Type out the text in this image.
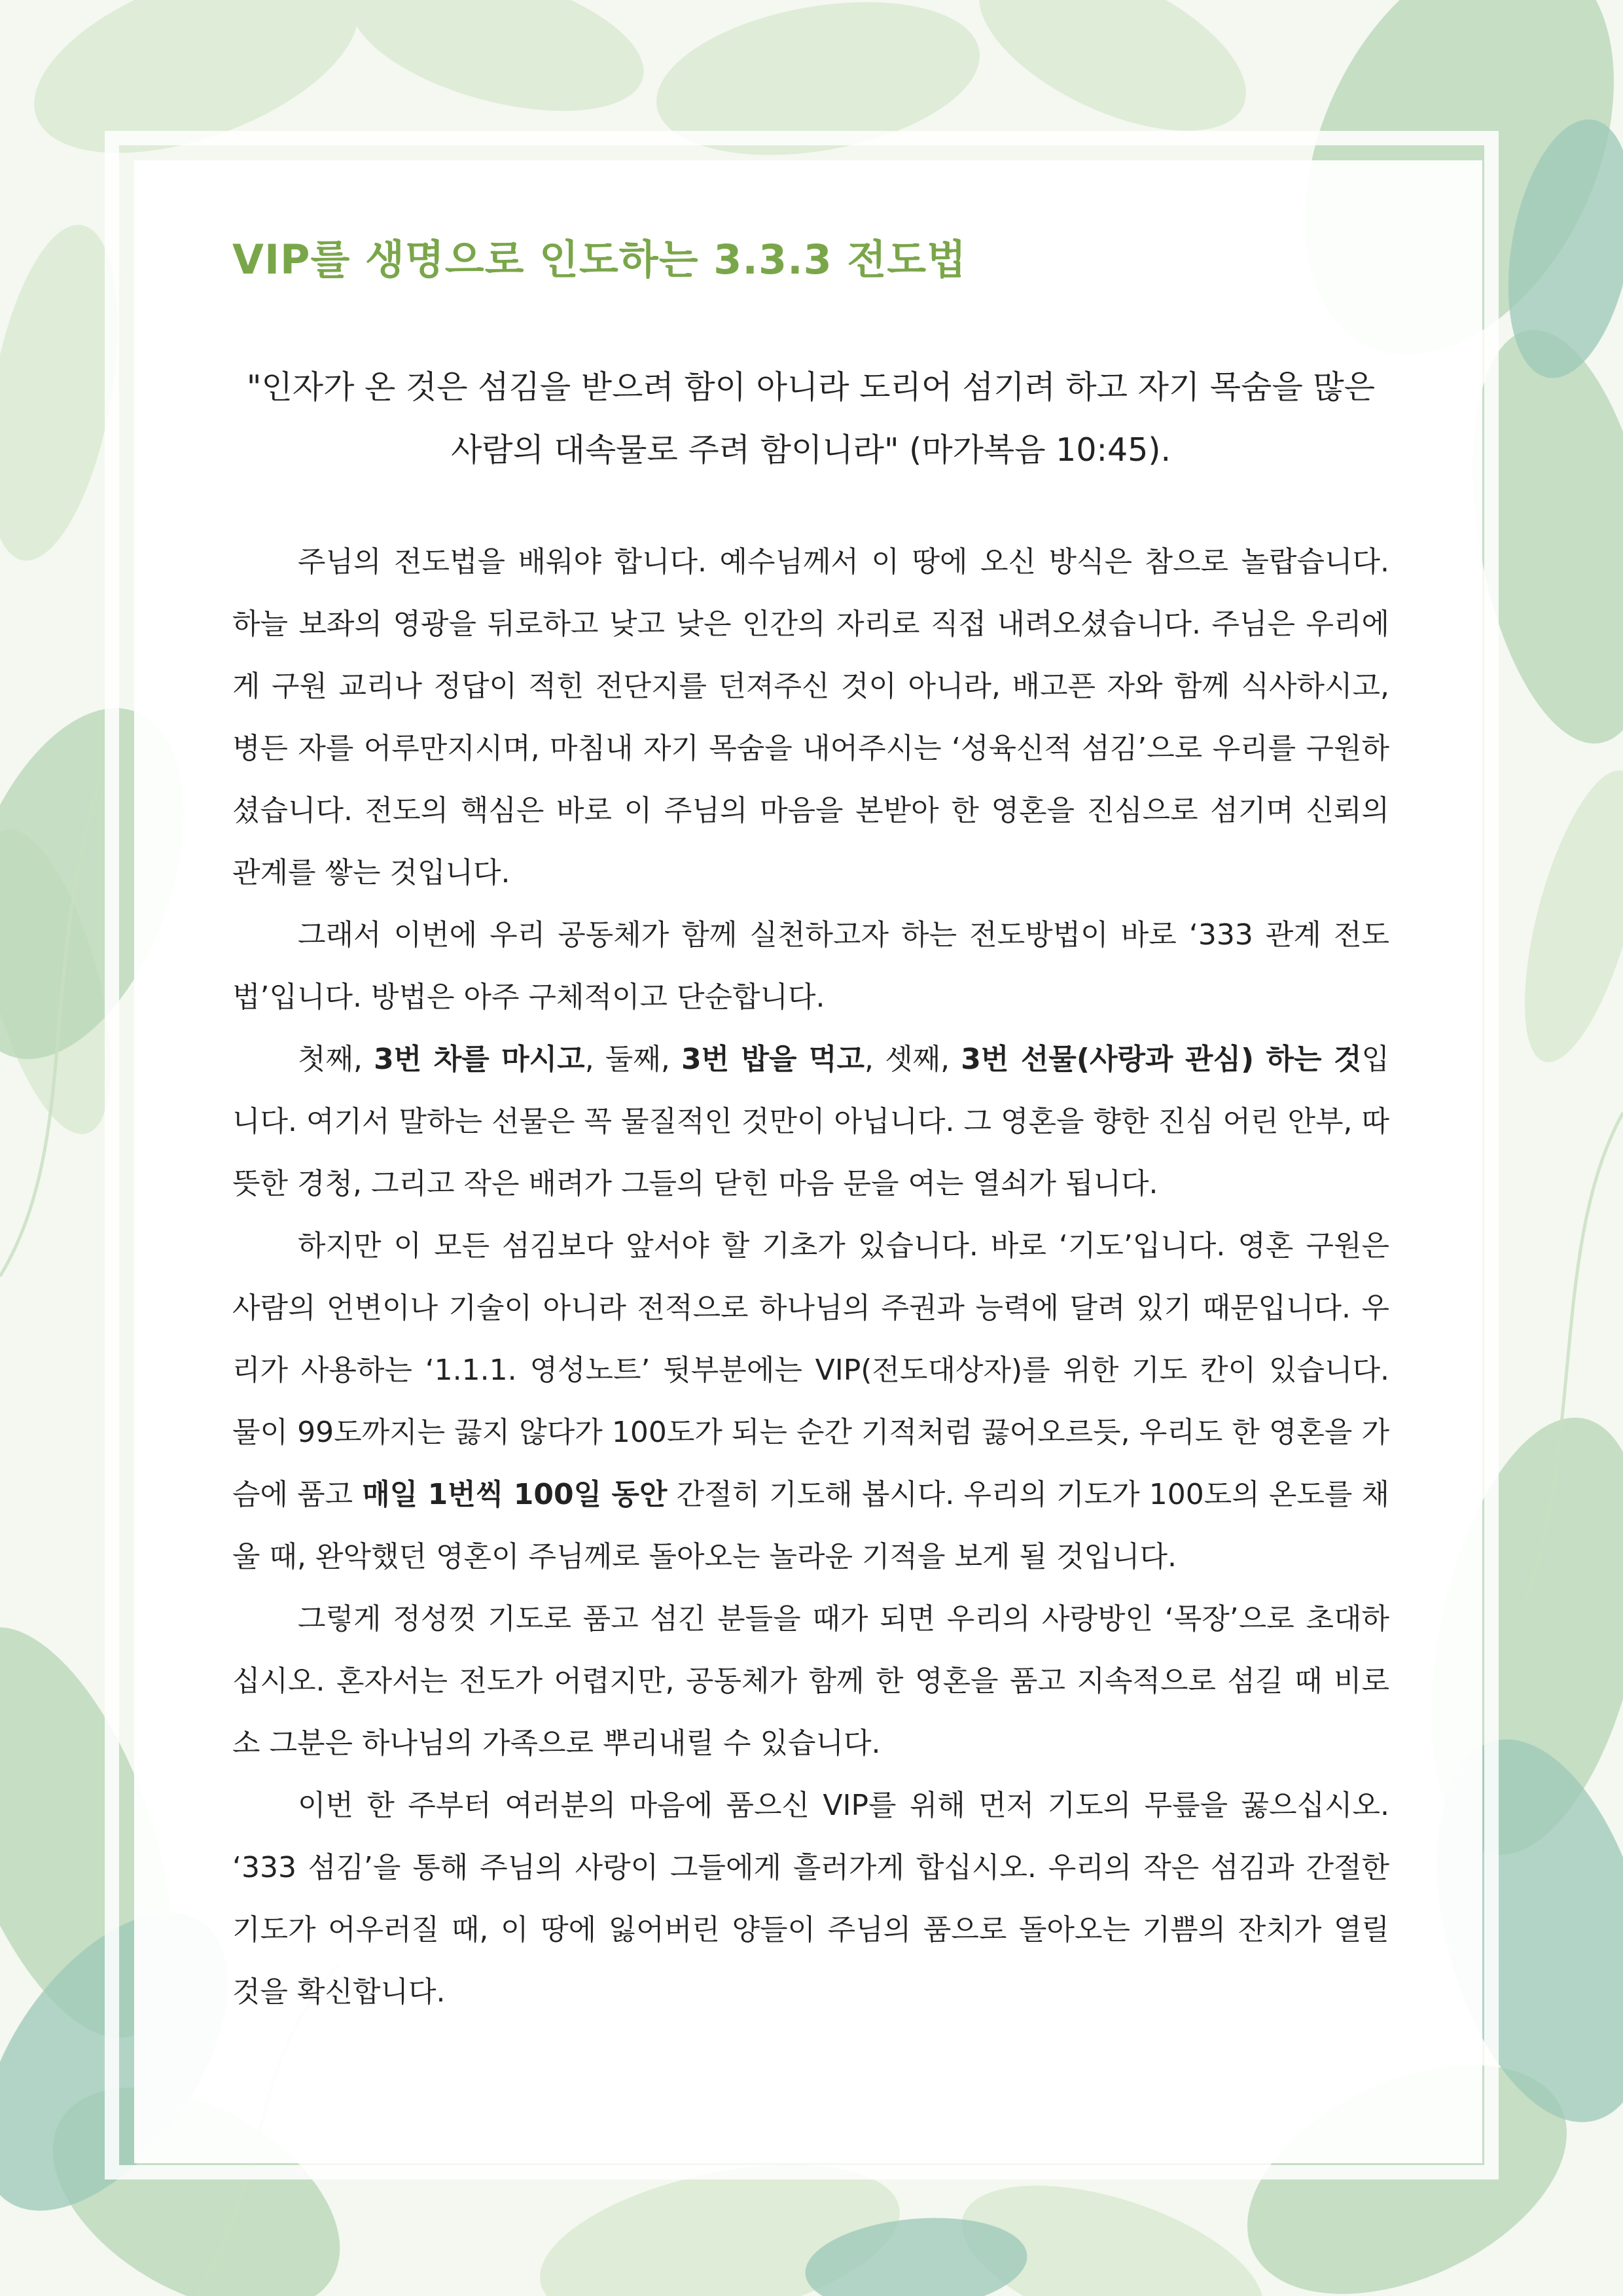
VIP를 생명으로 인도하는 3.3.3 전도법

"인자가 온 것은 섬김을 받으려 함이 아니라 도리어 섬기려 하고 자기 목숨을 많은
사람의 대속물로 주려 함이니라" (마가복음 10:45).

주님의 전도법을 배워야 합니다. 예수님께서 이 땅에 오신 방식은 참으로 놀랍습니다. 하늘 보좌의 영광을 뒤로하고 낮고 낮은 인간의 자리로 직접 내려오셨습니다. 주님은 우리에게 구원 교리나 정답이 적힌 전단지를 던져주신 것이 아니라, 배고픈 자와 함께 식사하시고, 병든 자를 어루만지시며, 마침내 자기 목숨을 내어주시는 ‘성육신적 섬김’으로 우리를 구원하셨습니다. 전도의 핵심은 바로 이 주님의 마음을 본받아 한 영혼을 진심으로 섬기며 신뢰의 관계를 쌓는 것입니다.

그래서 이번에 우리 공동체가 함께 실천하고자 하는 전도방법이 바로 ‘333 관계 전도법’입니다. 방법은 아주 구체적이고 단순합니다.

첫째, 3번 차를 마시고, 둘째, 3번 밥을 먹고, 셋째, 3번 선물(사랑과 관심) 하는 것입니다. 여기서 말하는 선물은 꼭 물질적인 것만이 아닙니다. 그 영혼을 향한 진심 어린 안부, 따뜻한 경청, 그리고 작은 배려가 그들의 닫힌 마음 문을 여는 열쇠가 됩니다.

하지만 이 모든 섬김보다 앞서야 할 기초가 있습니다. 바로 ‘기도’입니다. 영혼 구원은 사람의 언변이나 기술이 아니라 전적으로 하나님의 주권과 능력에 달려 있기 때문입니다. 우리가 사용하는 ‘1.1.1. 영성노트’ 뒷부분에는 VIP(전도대상자)를 위한 기도 칸이 있습니다. 물이 99도까지는 끓지 않다가 100도가 되는 순간 기적처럼 끓어오르듯, 우리도 한 영혼을 가슴에 품고 매일 1번씩 100일 동안 간절히 기도해 봅시다. 우리의 기도가 100도의 온도를 채울 때, 완악했던 영혼이 주님께로 돌아오는 놀라운 기적을 보게 될 것입니다.

그렇게 정성껏 기도로 품고 섬긴 분들을 때가 되면 우리의 사랑방인 ‘목장’으로 초대하십시오. 혼자서는 전도가 어렵지만, 공동체가 함께 한 영혼을 품고 지속적으로 섬길 때 비로소 그분은 하나님의 가족으로 뿌리내릴 수 있습니다.

이번 한 주부터 여러분의 마음에 품으신 VIP를 위해 먼저 기도의 무릎을 꿇으십시오. ‘333 섬김’을 통해 주님의 사랑이 그들에게 흘러가게 합십시오. 우리의 작은 섬김과 간절한 기도가 어우러질 때, 이 땅에 잃어버린 양들이 주님의 품으로 돌아오는 기쁨의 잔치가 열릴 것을 확신합니다.
